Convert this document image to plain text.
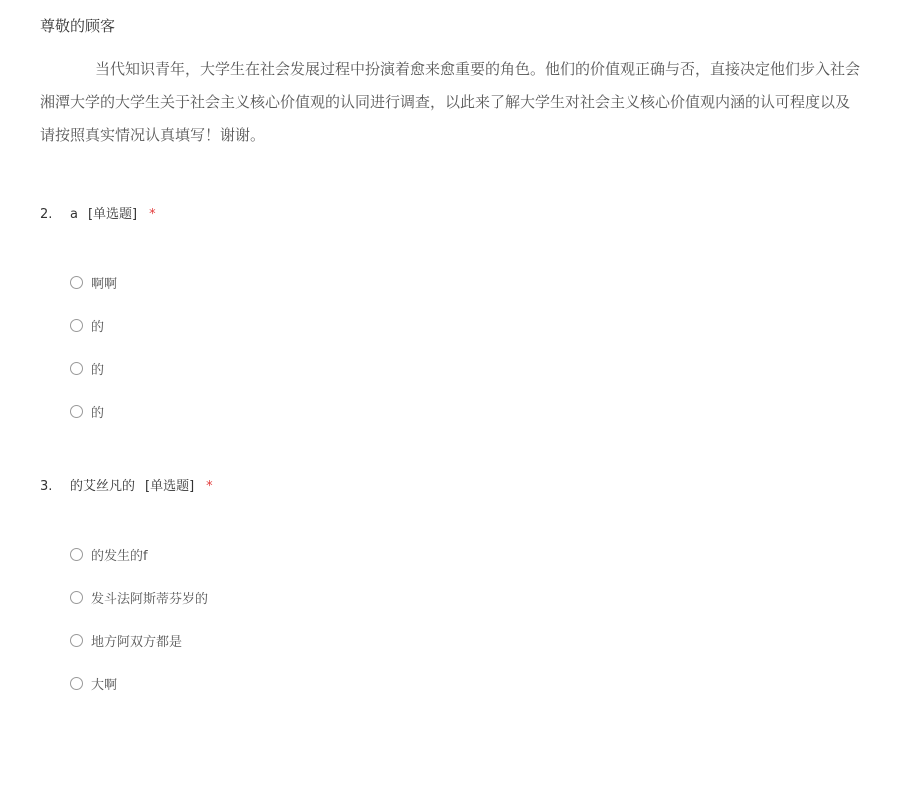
尊敬的顾客
当代知识青年，大学生在社会发展过程中扮演着愈来愈重要的角色。他们的价值观正确与否，直接决定他们步入社会
湘潭大学的大学生关于社会主义核心价值观的认同进行调查，以此来了解大学生对社会主义核心价值观内涵的认可程度以及
请按照真实情况认真填写！谢谢。
2. a [单选题] *
啊啊
的
的
的
3. 的艾丝凡的 [单选题] *
的发生的f
发斗法阿斯蒂芬岁的
地方阿双方都是
大啊
